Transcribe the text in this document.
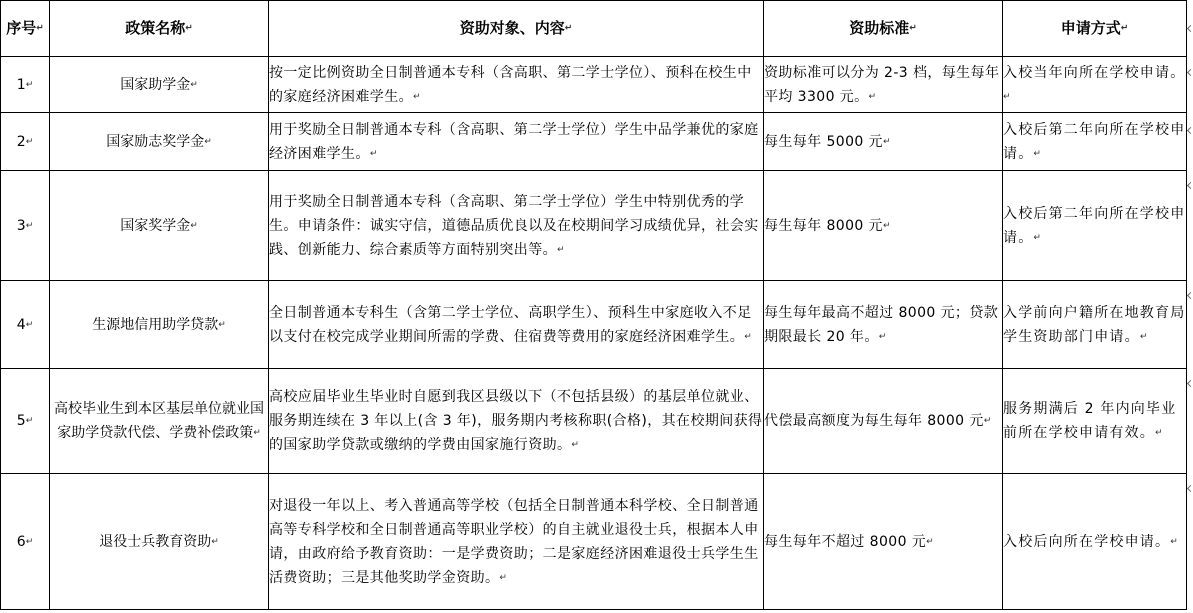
序号↵	政策名称↵	资助对象、内容↵	资助标准↵	申请方式↵
1↵	国家助学金↵	按一定比例资助全日制普通本专科（含高职、第二学士学位）、预科在校生中的家庭经济困难学生。↵	资助标准可以分为 2-3 档，每生每年平均 3300 元。↵	入校当年向所在学校申请。↵
2↵	国家励志奖学金↵	用于奖励全日制普通本专科（含高职、第二学士学位）学生中品学兼优的家庭经济困难学生。↵	每生每年 5000 元↵	入校后第二年向所在学校申请。↵
3↵	国家奖学金↵	用于奖励全日制普通本专科（含高职、第二学士学位）学生中特别优秀的学生。申请条件：诚实守信，道德品质优良以及在校期间学习成绩优异，社会实践、创新能力、综合素质等方面特别突出等。↵	每生每年 8000 元↵	入校后第二年向所在学校申请。↵
4↵	生源地信用助学贷款↵	全日制普通本专科生（含第二学士学位、高职学生）、预科生中家庭收入不足以支付在校完成学业期间所需的学费、住宿费等费用的家庭经济困难学生。↵	每生每年最高不超过 8000 元；贷款期限最长 20 年。↵	入学前向户籍所在地教育局学生资助部门申请。↵
5↵	高校毕业生到本区基层单位就业国家助学贷款代偿、学费补偿政策↵	高校应届毕业生毕业时自愿到我区县级以下（不包括县级）的基层单位就业、服务期连续在 3 年以上(含 3 年)，服务期内考核称职(合格)，其在校期间获得的国家助学贷款或缴纳的学费由国家施行资助。↵	代偿最高额度为每生每年 8000 元↵	服务期满后 2 年内向毕业前所在学校申请有效。↵
6↵	退役士兵教育资助↵	对退役一年以上、考入普通高等学校（包括全日制普通本科学校、全日制普通高等专科学校和全日制普通高等职业学校）的自主就业退役士兵，根据本人申请，由政府给予教育资助：一是学费资助；二是家庭经济困难退役士兵学生生活费资助；三是其他奖助学金资助。↵	每生每年不超过 8000 元↵	入校后向所在学校申请。↵
